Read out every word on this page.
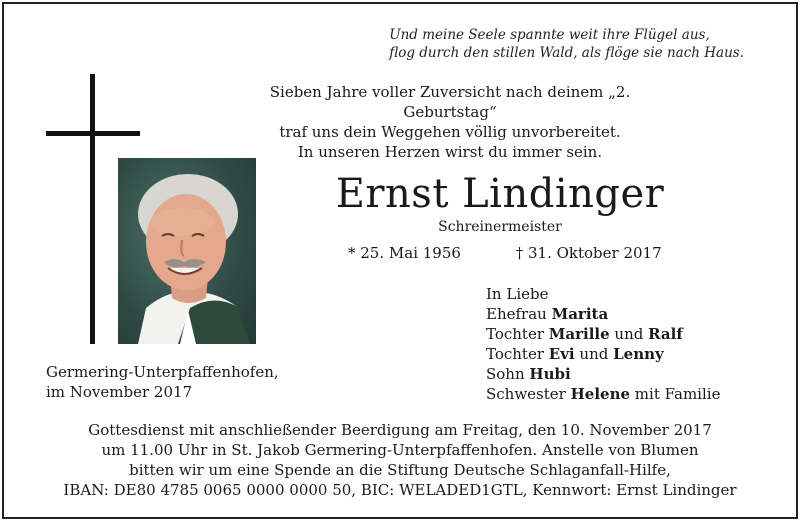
Und meine Seele spannte weit ihre Flügel aus,
flog durch den stillen Wald, als flöge sie nach Haus.
Sieben Jahre voller Zuversicht nach deinem „2. Geburtstag“
traf uns dein Weggehen völlig unvorbereitet.
In unseren Herzen wirst du immer sein.
Ernst Lindinger
Schreinermeister
* 25. Mai 1956	† 31. Oktober 2017
In Liebe
Ehefrau Marita
Tochter Marille und Ralf
Tochter Evi und Lenny
Sohn Hubi
Schwester Helene mit Familie
Germering-Unterpfaffenhofen,
im November 2017
Gottesdienst mit anschließender Beerdigung am Freitag, den 10. November 2017
um 11.00 Uhr in St. Jakob Germering-Unterpfaffenhofen. Anstelle von Blumen
bitten wir um eine Spende an die Stiftung Deutsche Schlaganfall-Hilfe,
IBAN: DE80 4785 0065 0000 0000 50, BIC: WELADED1GTL, Kennwort: Ernst Lindinger
